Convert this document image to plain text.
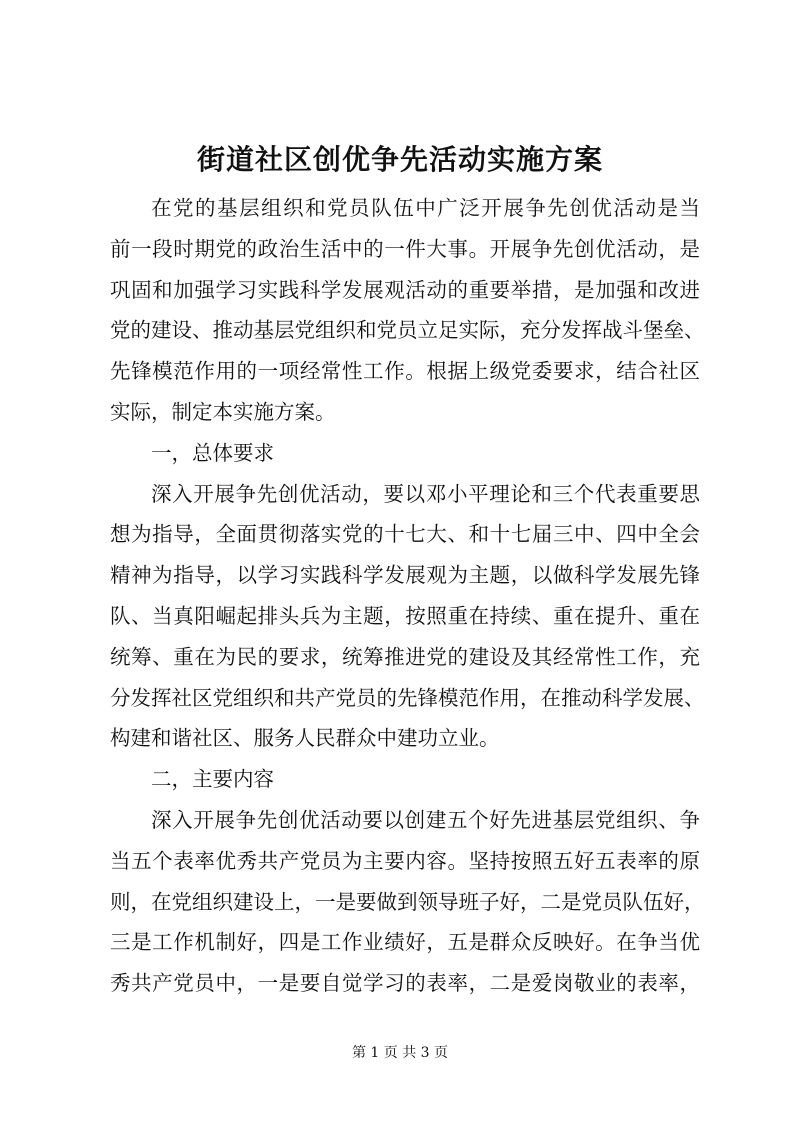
街道社区创优争先活动实施方案
在党的基层组织和党员队伍中广泛开展争先创优活动是当
前一段时期党的政治生活中的一件大事。开展争先创优活动，是
巩固和加强学习实践科学发展观活动的重要举措，是加强和改进
党的建设、推动基层党组织和党员立足实际，充分发挥战斗堡垒、
先锋模范作用的一项经常性工作。根据上级党委要求，结合社区
实际，制定本实施方案。
一，总体要求
深入开展争先创优活动，要以邓小平理论和三个代表重要思
想为指导，全面贯彻落实党的十七大、和十七届三中、四中全会
精神为指导，以学习实践科学发展观为主题，以做科学发展先锋
队、当真阳崛起排头兵为主题，按照重在持续、重在提升、重在
统筹、重在为民的要求，统筹推进党的建设及其经常性工作，充
分发挥社区党组织和共产党员的先锋模范作用，在推动科学发展、
构建和谐社区、服务人民群众中建功立业。
二，主要内容
深入开展争先创优活动要以创建五个好先进基层党组织、争
当五个表率优秀共产党员为主要内容。坚持按照五好五表率的原
则，在党组织建设上，一是要做到领导班子好，二是党员队伍好，
三是工作机制好，四是工作业绩好，五是群众反映好。在争当优
秀共产党员中，一是要自觉学习的表率，二是爱岗敬业的表率，
第 1 页 共 3 页
